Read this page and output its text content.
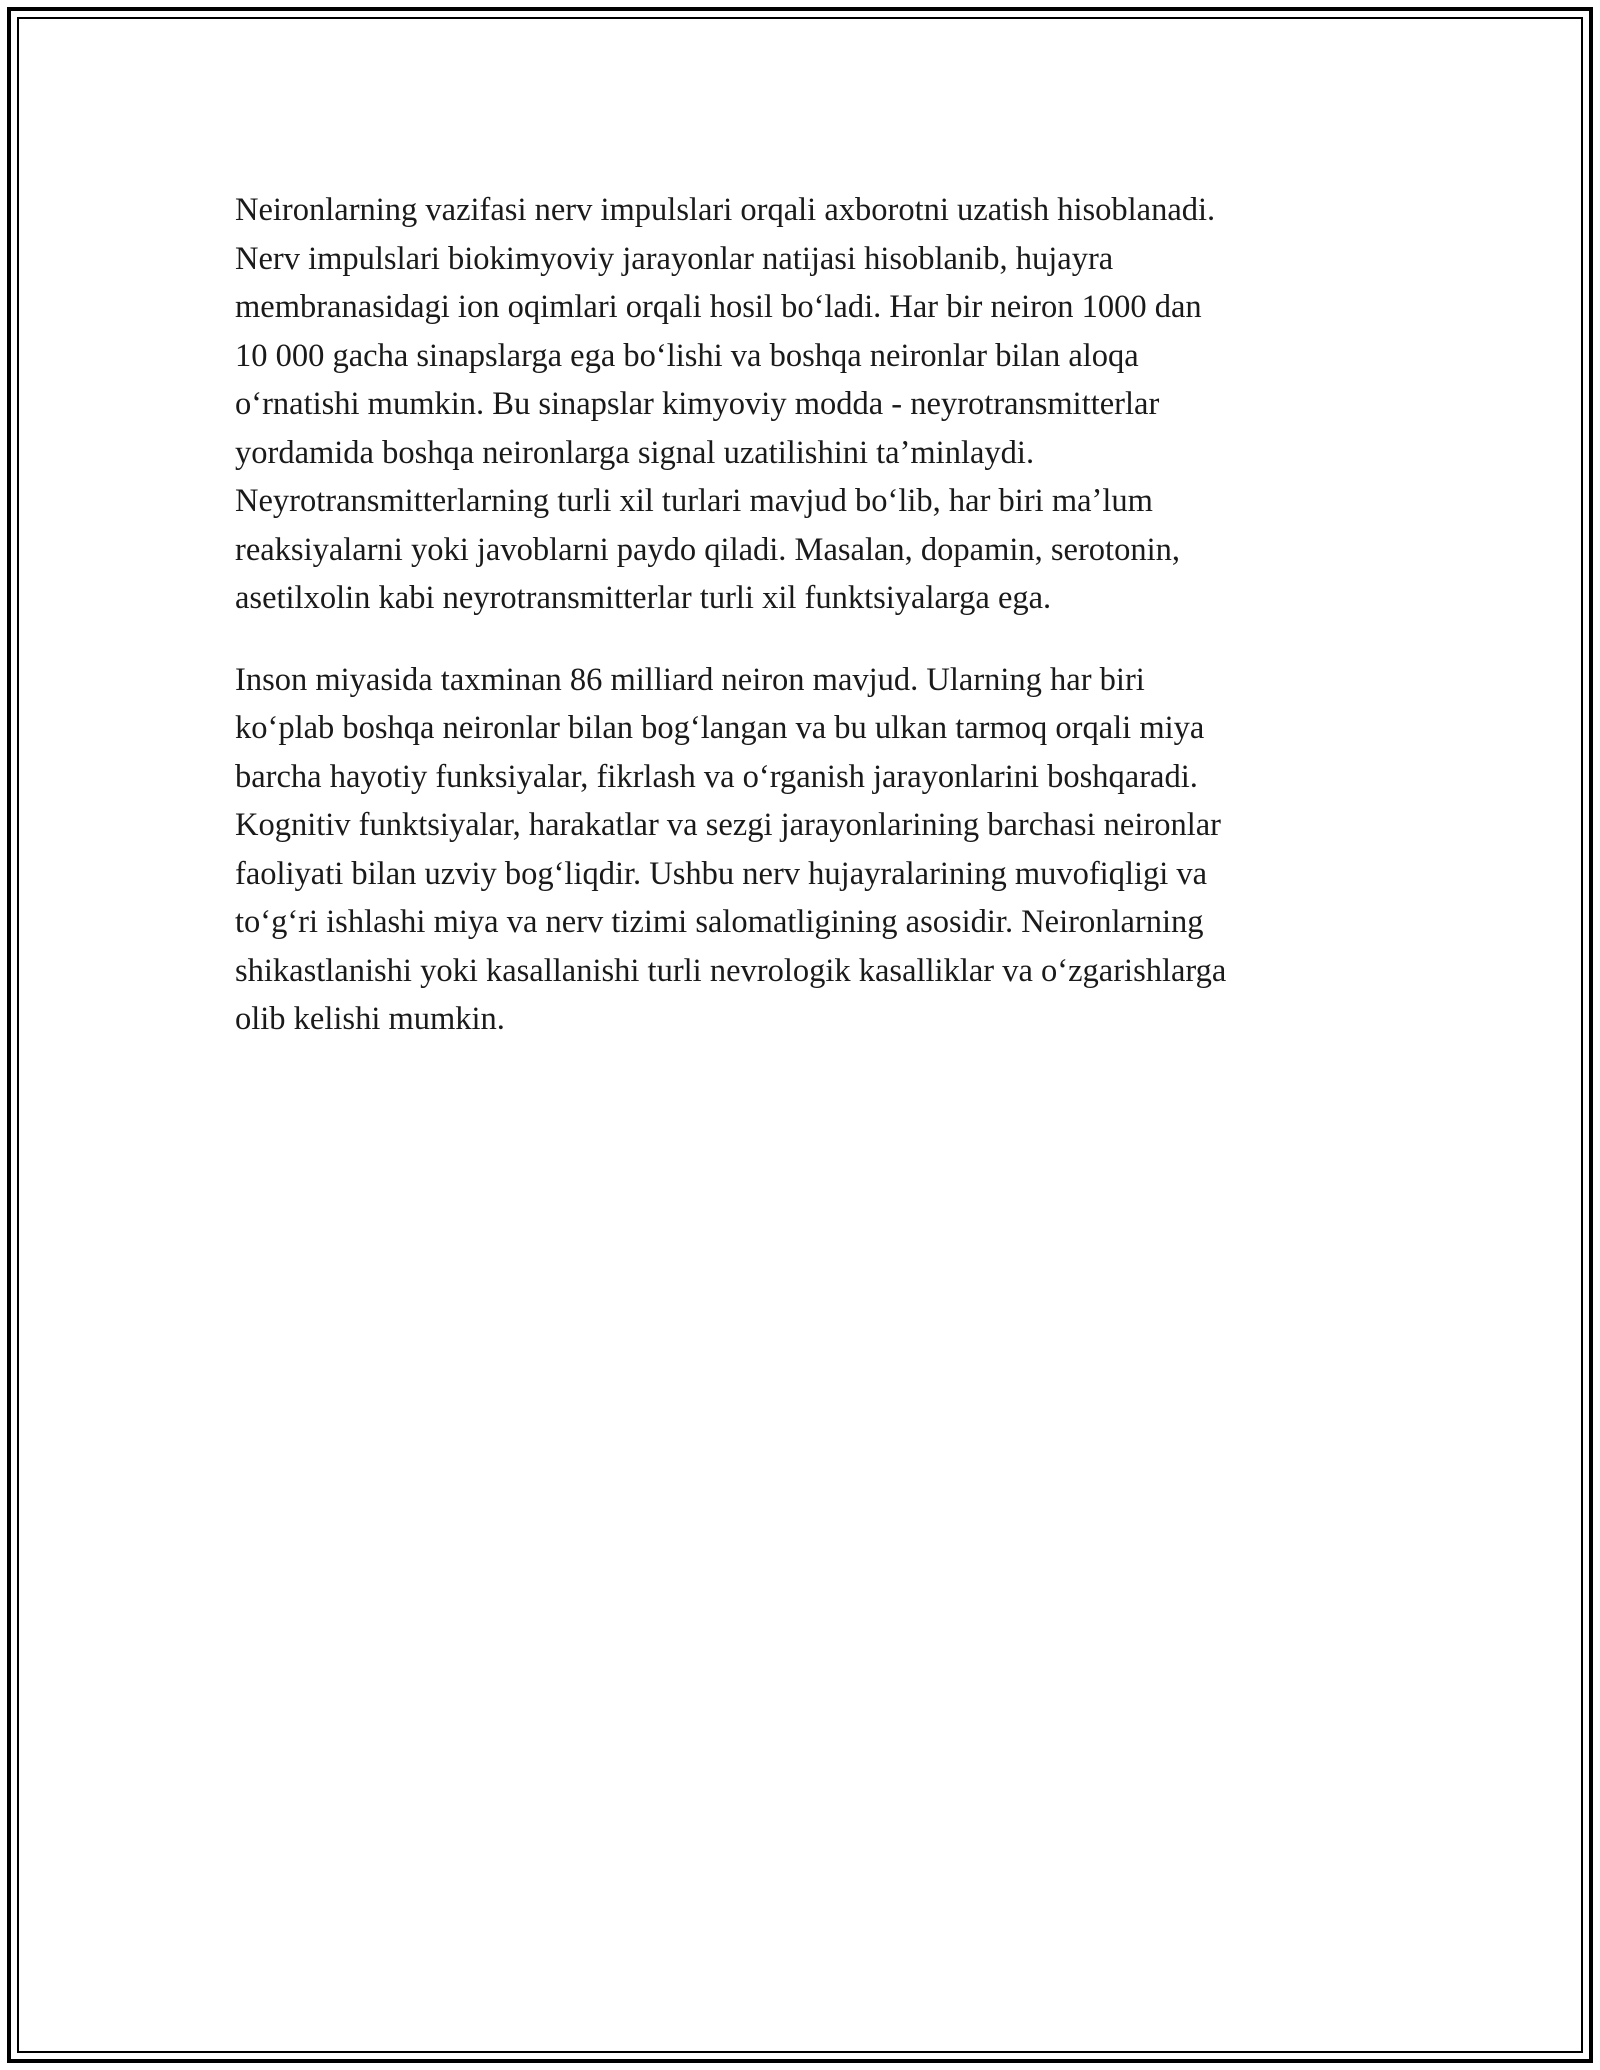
Neironlarning vazifasi nerv impulslari orqali axborotni uzatish hisoblanadi.
Nerv impulslari biokimyoviy jarayonlar natijasi hisoblanib, hujayra
membranasidagi ion oqimlari orqali hosil boʻladi. Har bir neiron 1000 dan
10 000 gacha sinapslarga ega boʻlishi va boshqa neironlar bilan aloqa
oʻrnatishi mumkin. Bu sinapslar kimyoviy modda - neyrotransmitterlar
yordamida boshqa neironlarga signal uzatilishini taʼminlaydi.
Neyrotransmitterlarning turli xil turlari mavjud boʻlib, har biri maʼlum
reaksiyalarni yoki javoblarni paydo qiladi. Masalan, dopamin, serotonin,
asetilxolin kabi neyrotransmitterlar turli xil funktsiyalarga ega.

Inson miyasida taxminan 86 milliard neiron mavjud. Ularning har biri
koʻplab boshqa neironlar bilan bogʻlangan va bu ulkan tarmoq orqali miya
barcha hayotiy funksiyalar, fikrlash va oʻrganish jarayonlarini boshqaradi.
Kognitiv funktsiyalar, harakatlar va sezgi jarayonlarining barchasi neironlar
faoliyati bilan uzviy bogʻliqdir. Ushbu nerv hujayralarining muvofiqligi va
toʻgʻri ishlashi miya va nerv tizimi salomatligining asosidir. Neironlarning
shikastlanishi yoki kasallanishi turli nevrologik kasalliklar va oʻzgarishlarga
olib kelishi mumkin.
